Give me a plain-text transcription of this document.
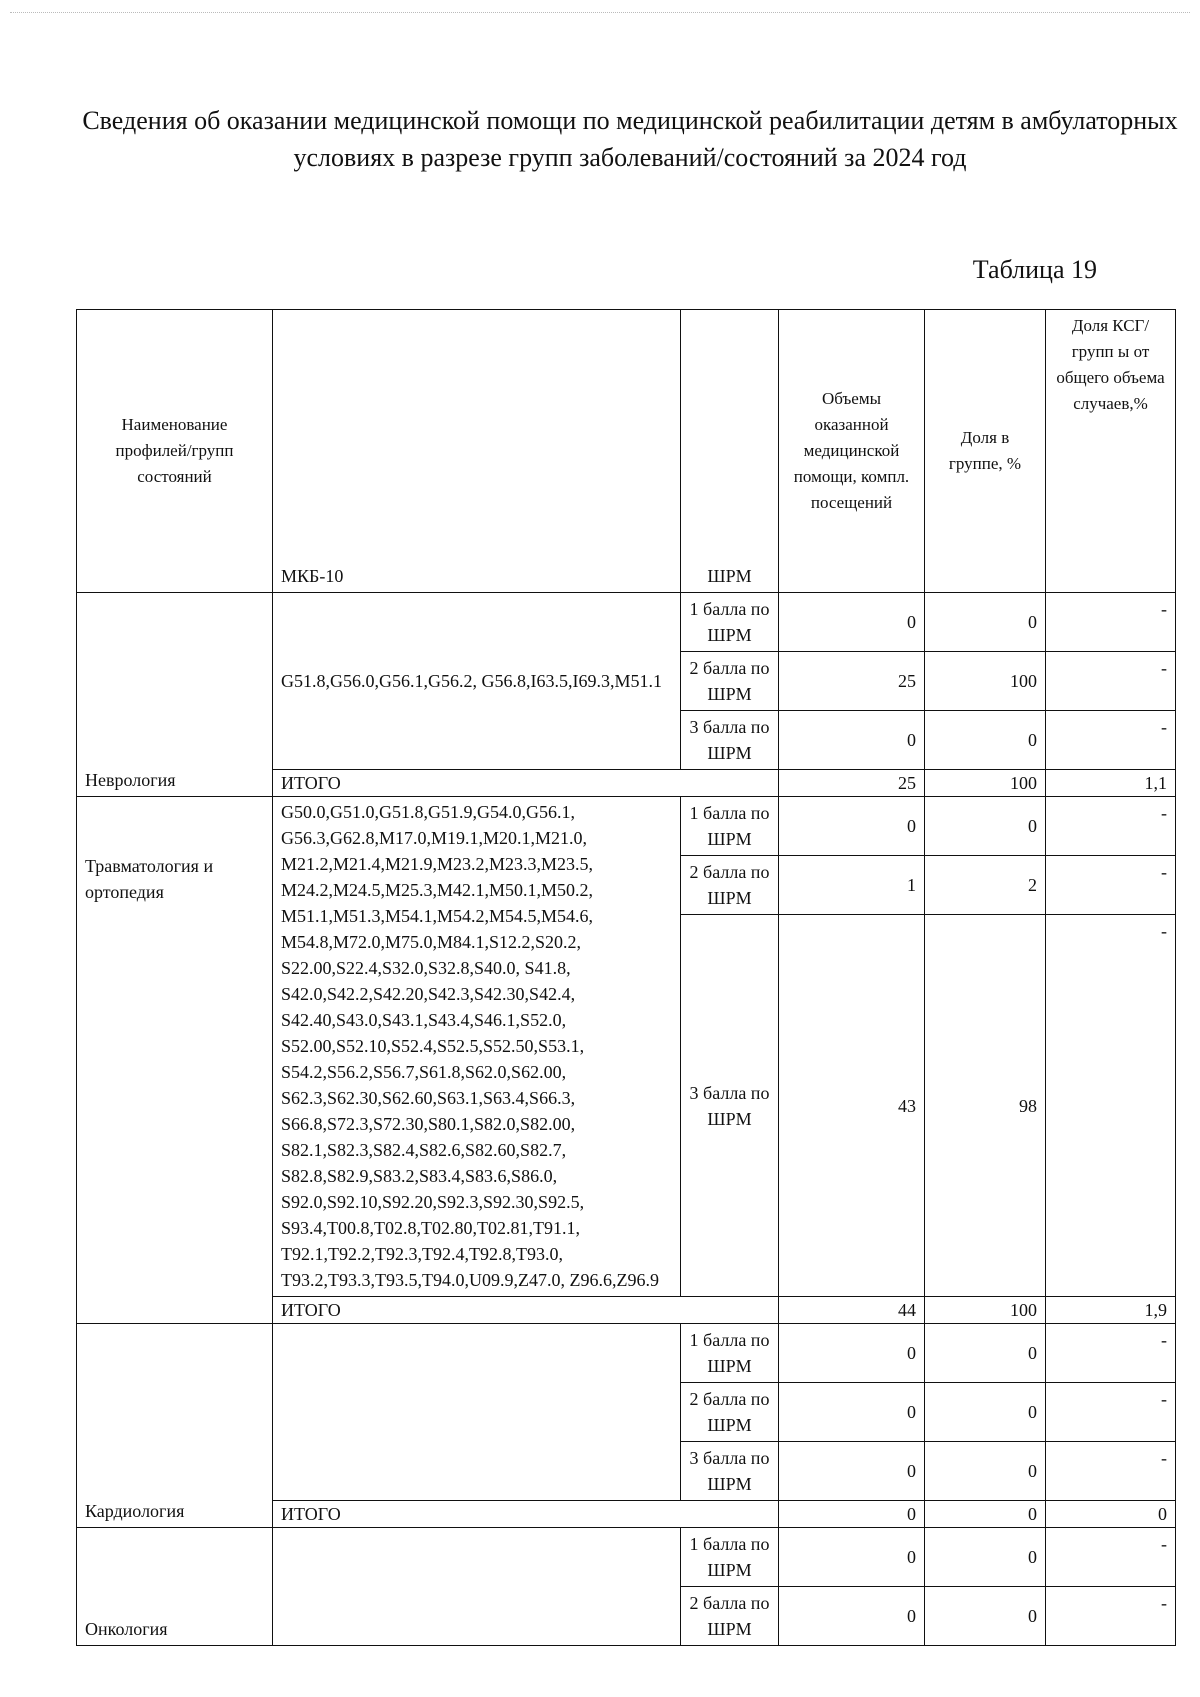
Сведения об оказании медицинской помощи по медицинской реабилитации детям в амбулаторных условиях в разрезе групп заболеваний/состояний за 2024 год

Таблица 19

Наименование профилей/групп состояний	МКБ-10	ШРМ	Объемы оказанной медицинской помощи, компл. посещений	Доля в группе, %	Доля КСГ/групп ы от общего объема случаев,%
Неврология	G51.8,G56.0,G56.1,G56.2, G56.8,I63.5,I69.3,M51.1	1 балла по ШРМ	0	0	-
		2 балла по ШРМ	25	100	-
		3 балла по ШРМ	0	0	-
	ИТОГО		25	100	1,1
Травматология и ортопедия	G50.0,G51.0,G51.8,G51.9,G54.0,G56.1, G56.3,G62.8,M17.0,M19.1,M20.1,M21.0, M21.2,M21.4,M21.9,M23.2,M23.3,M23.5, M24.2,M24.5,M25.3,M42.1,M50.1,M50.2, M51.1,M51.3,M54.1,M54.2,M54.5,M54.6, M54.8,M72.0,M75.0,M84.1,S12.2,S20.2, S22.00,S22.4,S32.0,S32.8,S40.0, S41.8, S42.0,S42.2,S42.20,S42.3,S42.30,S42.4, S42.40,S43.0,S43.1,S43.4,S46.1,S52.0, S52.00,S52.10,S52.4,S52.5,S52.50,S53.1, S54.2,S56.2,S56.7,S61.8,S62.0,S62.00, S62.3,S62.30,S62.60,S63.1,S63.4,S66.3, S66.8,S72.3,S72.30,S80.1,S82.0,S82.00, S82.1,S82.3,S82.4,S82.6,S82.60,S82.7, S82.8,S82.9,S83.2,S83.4,S83.6,S86.0, S92.0,S92.10,S92.20,S92.3,S92.30,S92.5, S93.4,T00.8,T02.8,T02.80,T02.81,T91.1, T92.1,T92.2,T92.3,T92.4,T92.8,T93.0, T93.2,T93.3,T93.5,T94.0,U09.9,Z47.0, Z96.6,Z96.9	1 балла по ШРМ	0	0	-
		2 балла по ШРМ	1	2	-
		3 балла по ШРМ	43	98	-
	ИТОГО		44	100	1,9
Кардиология		1 балла по ШРМ	0	0	-
		2 балла по ШРМ	0	0	-
		3 балла по ШРМ	0	0	-
	ИТОГО		0	0	0
Онкология		1 балла по ШРМ	0	0	-
		2 балла по ШРМ	0	0	-
